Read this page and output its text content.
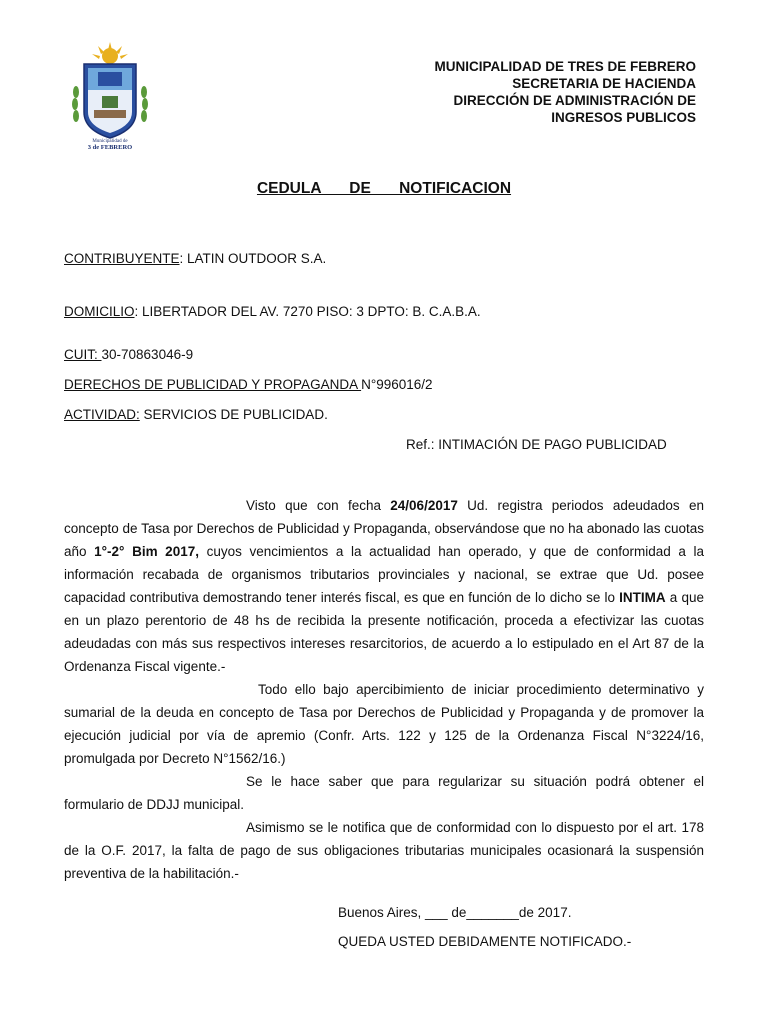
Municipalidad de
3 de FEBRERO
MUNICIPALIDAD DE TRES DE FEBRERO
SECRETARIA DE HACIENDA
DIRECCIÓN DE ADMINISTRACIÓN DE
INGRESOS PUBLICOS
CEDULA DE NOTIFICACION
CONTRIBUYENTE: LATIN OUTDOOR S.A.
DOMICILIO: LIBERTADOR DEL AV. 7270 PISO: 3 DPTO: B. C.A.B.A.
CUIT: 30-70863046-9
DERECHOS DE PUBLICIDAD Y PROPAGANDA N°996016/2
ACTIVIDAD: SERVICIOS DE PUBLICIDAD.
Ref.: INTIMACIÓN DE PAGO PUBLICIDAD

Visto que con fecha 24/06/2017 Ud. registra periodos adeudados en concepto de Tasa por Derechos de Publicidad y Propaganda, observándose que no ha abonado las cuotas año 1°-2° Bim 2017, cuyos vencimientos a la actualidad han operado, y que de conformidad a la información recabada de organismos tributarios provinciales y nacional, se extrae que Ud. posee capacidad contributiva demostrando tener interés fiscal, es que en función de lo dicho se lo INTIMA a que en un plazo perentorio de 48 hs de recibida la presente notificación, proceda a efectivizar las cuotas adeudadas con más sus respectivos intereses resarcitorios, de acuerdo a lo estipulado en el Art 87 de la Ordenanza Fiscal vigente.-

Todo ello bajo apercibimiento de iniciar procedimiento determinativo y sumarial de la deuda en concepto de Tasa por Derechos de Publicidad y Propaganda y de promover la ejecución judicial por vía de apremio (Confr. Arts. 122 y 125 de la Ordenanza Fiscal N°3224/16, promulgada por Decreto N°1562/16.)

Se le hace saber que para regularizar su situación podrá obtener el formulario de DDJJ municipal.

Asimismo se le notifica que de conformidad con lo dispuesto por el art. 178 de la O.F. 2017, la falta de pago de sus obligaciones tributarias municipales ocasionará la suspensión preventiva de la habilitación.-

Buenos Aires, ___ de_______de 2017.
QUEDA USTED DEBIDAMENTE NOTIFICADO.-
